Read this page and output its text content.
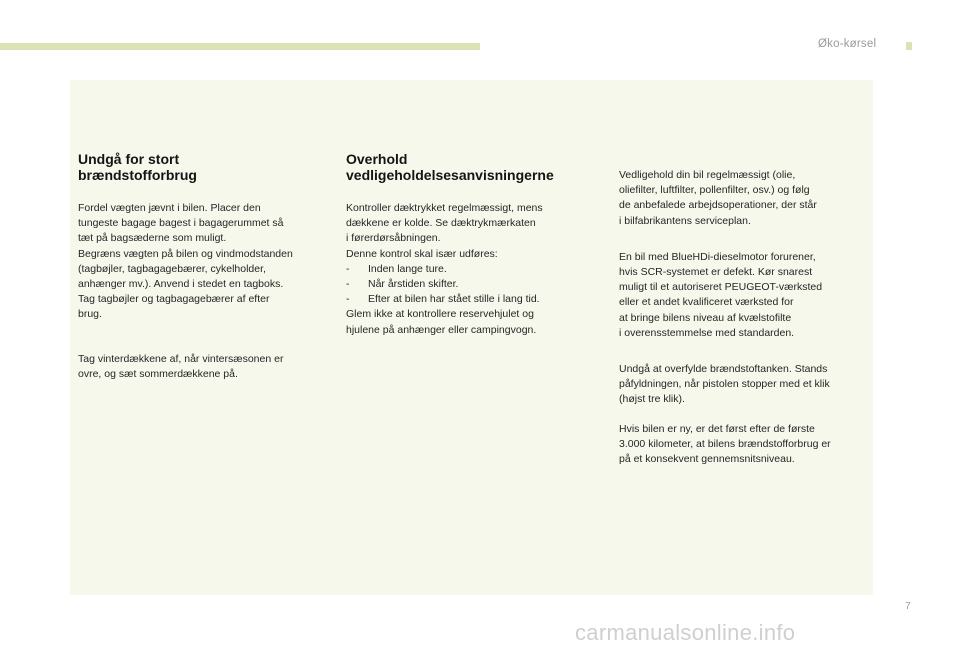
Øko-kørsel
Undgå for stort
brændstofforbrug

Fordel vægten jævnt i bilen. Placer den
tungeste bagage bagest i bagagerummet så
tæt på bagsæderne som muligt.
Begræns vægten på bilen og vindmodstanden
(tagbøjler, tagbagagebærer, cykelholder,
anhænger mv.). Anvend i stedet en tagboks.
Tag tagbøjler og tagbagagebærer af efter
brug.

Tag vinterdækkene af, når vintersæsonen er
ovre, og sæt sommerdækkene på.

Overhold
vedligeholdelsesanvisningerne

Kontroller dæktrykket regelmæssigt, mens
dækkene er kolde. Se dæktrykmærkaten
i førerdørsåbningen.
Denne kontrol skal især udføres:

- Inden lange ture.
- Når årstiden skifter.
- Efter at bilen har stået stille i lang tid.
Glem ikke at kontrollere reservehjulet og
hjulene på anhænger eller campingvogn.

Vedligehold din bil regelmæssigt (olie,
oliefilter, luftfilter, pollenfilter, osv.) og følg
de anbefalede arbejdsoperationer, der står
i bilfabrikantens serviceplan.

En bil med BlueHDi-dieselmotor forurener,
hvis SCR-systemet er defekt. Kør snarest
muligt til et autoriseret PEUGEOT-værksted
eller et andet kvalificeret værksted for
at bringe bilens niveau af kvælstofilte
i overensstemmelse med standarden.

Undgå at overfylde brændstoftanken. Stands
påfyldningen, når pistolen stopper med et klik
(højst tre klik).

Hvis bilen er ny, er det først efter de første
3.000 kilometer, at bilens brændstofforbrug er
på et konsekvent gennemsnitsniveau.

7
carmanualsonline.info
